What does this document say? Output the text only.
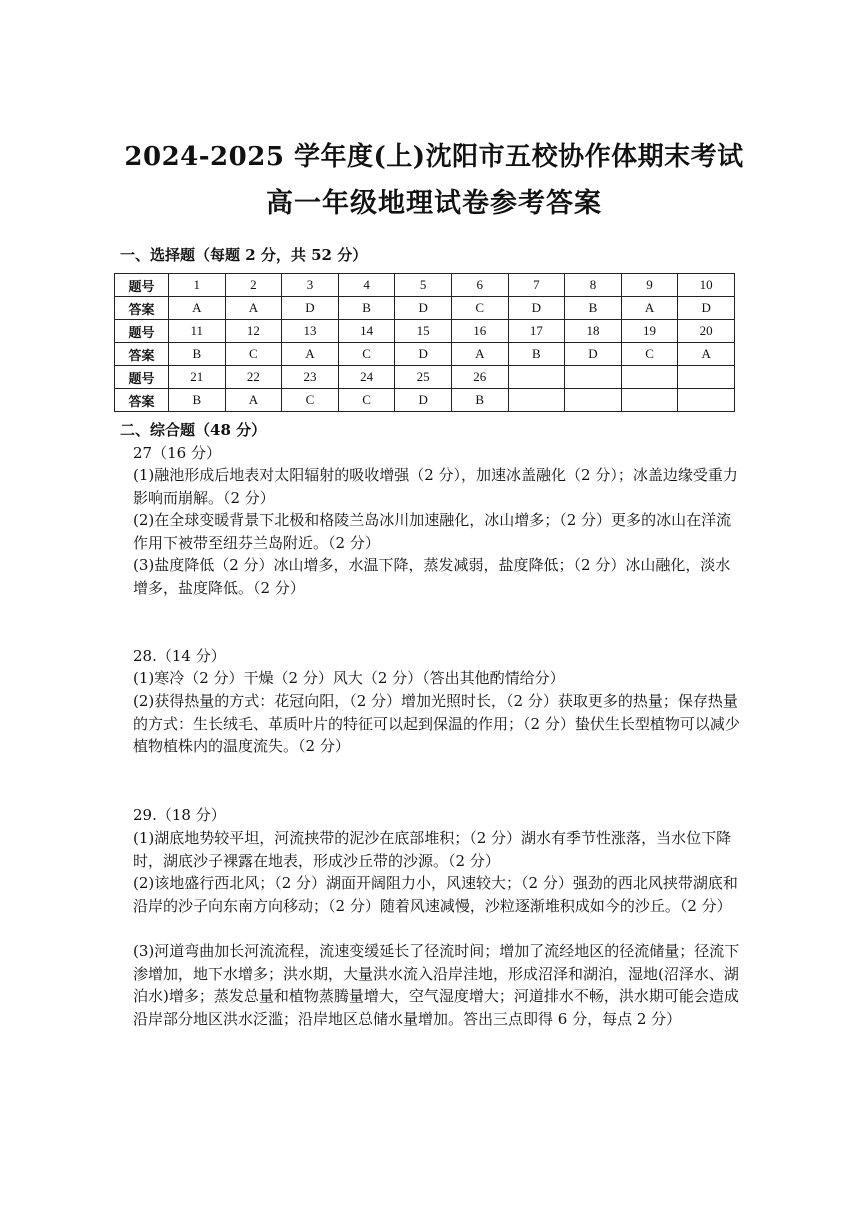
2024-2025 学年度(上)沈阳市五校协作体期末考试
高一年级地理试卷参考答案
一、选择题（每题 2 分，共 52 分）
题号	1	2	3	4	5	6	7	8	9	10
答案	A	A	D	B	D	C	D	B	A	D
题号	11	12	13	14	15	16	17	18	19	20
答案	B	C	A	C	D	A	B	D	C	A
题号	21	22	23	24	25	26				
答案	B	A	C	C	D	B				
二、综合题（48 分）
27（16 分）
(1)融池形成后地表对太阳辐射的吸收增强（2 分），加速冰盖融化（2 分）；冰盖边缘受重力影响而崩解。（2 分）
(2)在全球变暖背景下北极和格陵兰岛冰川加速融化，冰山增多；（2 分）更多的冰山在洋流作用下被带至纽芬兰岛附近。（2 分）
(3)盐度降低（2 分）冰山增多，水温下降，蒸发减弱，盐度降低；（2 分）冰山融化，淡水增多，盐度降低。（2 分）
28.（14 分）
(1)寒冷（2 分）干燥（2 分）风大（2 分）（答出其他酌情给分）
(2)获得热量的方式：花冠向阳，（2 分）增加光照时长，（2 分）获取更多的热量；保存热量的方式：生长绒毛、革质叶片的特征可以起到保温的作用；（2 分）蛰伏生长型植物可以减少植物植株内的温度流失。（2 分）
29.（18 分）
(1)湖底地势较平坦，河流挟带的泥沙在底部堆积；（2 分）湖水有季节性涨落，当水位下降时，湖底沙子裸露在地表，形成沙丘带的沙源。（2 分）
(2)该地盛行西北风；（2 分）湖面开阔阻力小，风速较大；（2 分）强劲的西北风挟带湖底和沿岸的沙子向东南方向移动；（2 分）随着风速减慢，沙粒逐渐堆积成如今的沙丘。（2 分）
(3)河道弯曲加长河流流程，流速变缓延长了径流时间；增加了流经地区的径流储量；径流下渗增加，地下水增多；洪水期，大量洪水流入沿岸洼地，形成沼泽和湖泊，湿地(沼泽水、湖泊水)增多；蒸发总量和植物蒸腾量增大，空气湿度增大；河道排水不畅，洪水期可能会造成沿岸部分地区洪水泛滥；沿岸地区总储水量增加。答出三点即得 6 分，每点 2 分）
